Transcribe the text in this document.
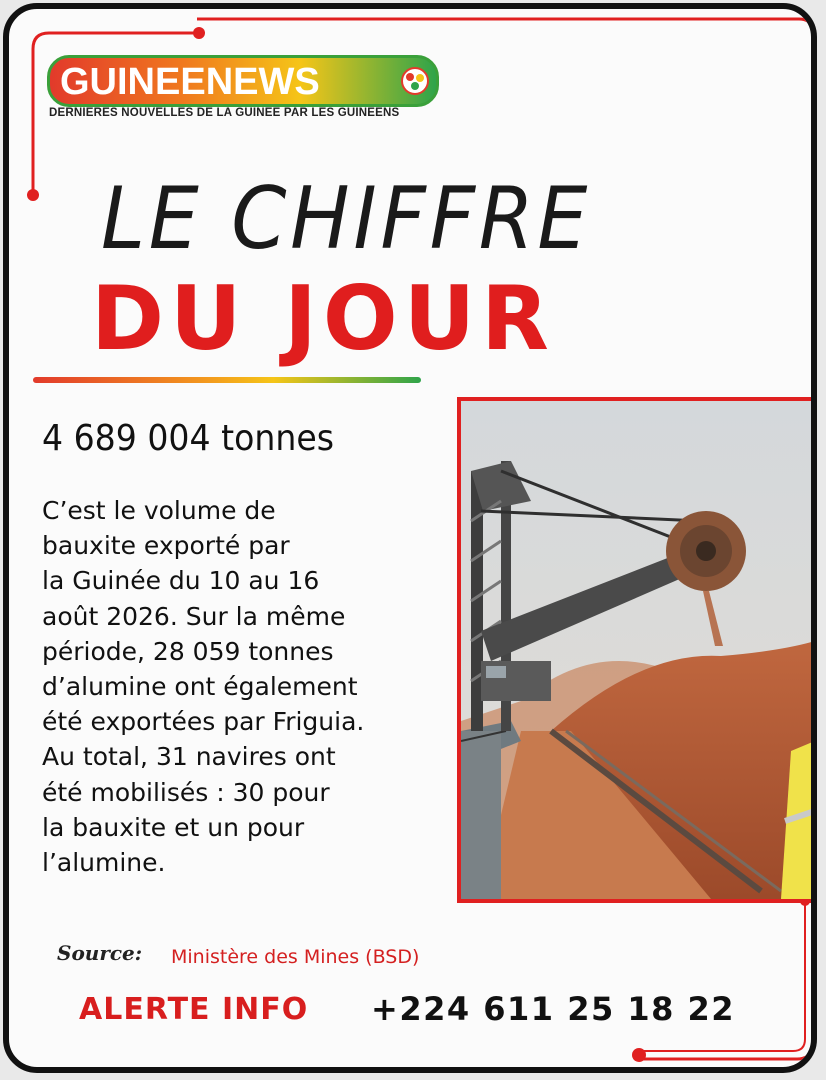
GUINEENEWS
DERNIERES NOUVELLES DE LA GUINEE PAR LES GUINEENS
LE CHIFFRE
DU JOUR
4 689 004 tonnes
C’est le volume de
bauxite exporté par
la Guinée du 10 au 16
août 2026. Sur la même
période, 28 059 tonnes
d’alumine ont également
été exportées par Friguia.
Au total, 31 navires ont
été mobilisés : 30 pour
la bauxite et un pour
l’alumine.
Source: Ministère des Mines (BSD)
ALERTE INFO +224 611 25 18 22
